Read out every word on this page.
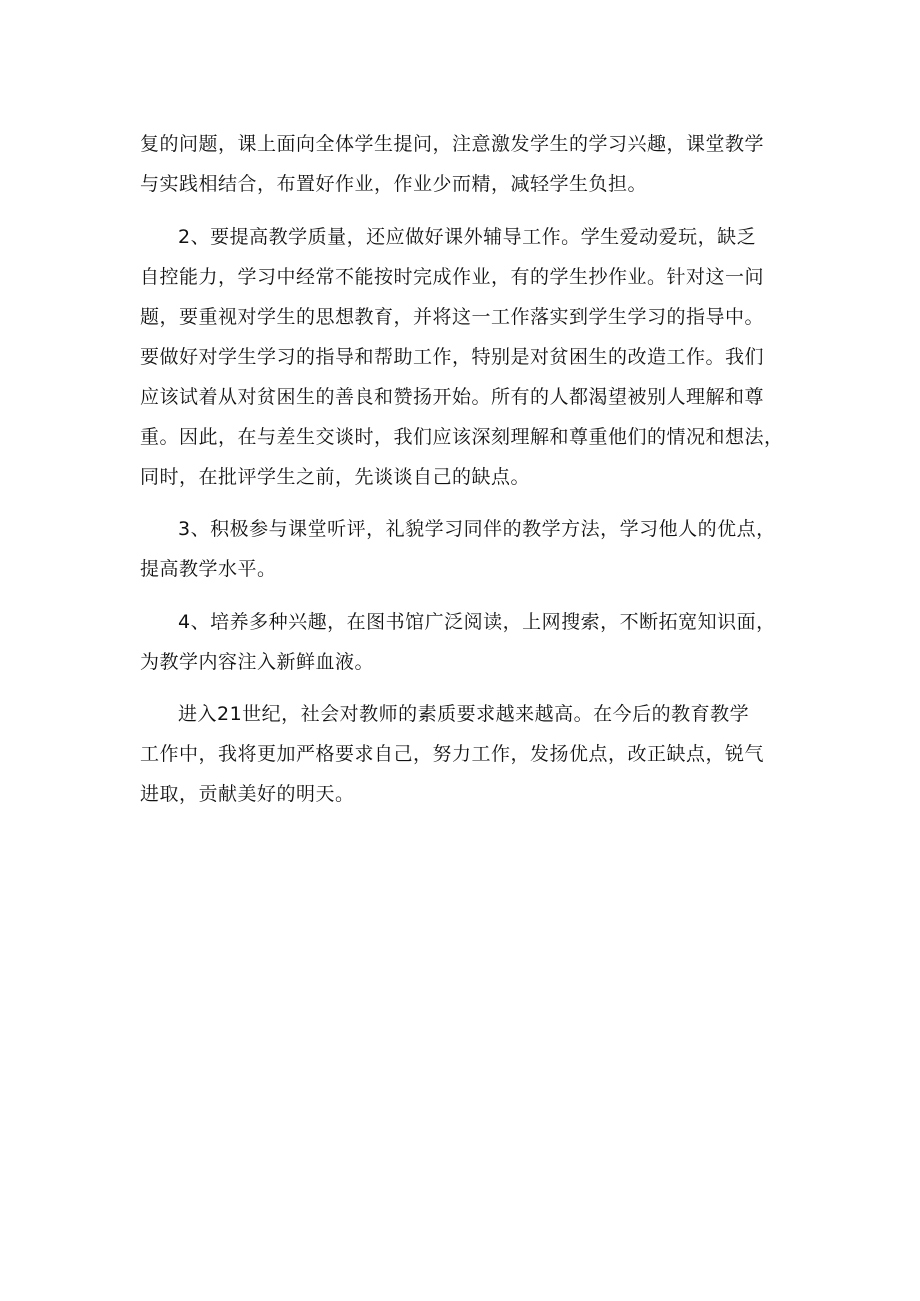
复的问题，课上面向全体学生提问，注意激发学生的学习兴趣，课堂教学
与实践相结合，布置好作业，作业少而精，减轻学生负担。
2、要提高教学质量，还应做好课外辅导工作。学生爱动爱玩，缺乏
自控能力，学习中经常不能按时完成作业，有的学生抄作业。针对这一问
题，要重视对学生的思想教育，并将这一工作落实到学生学习的指导中。
要做好对学生学习的指导和帮助工作，特别是对贫困生的改造工作。我们
应该试着从对贫困生的善良和赞扬开始。所有的人都渴望被别人理解和尊
重。因此，在与差生交谈时，我们应该深刻理解和尊重他们的情况和想法，
同时，在批评学生之前，先谈谈自己的缺点。
3、积极参与课堂听评，礼貌学习同伴的教学方法，学习他人的优点，
提高教学水平。
4、培养多种兴趣，在图书馆广泛阅读，上网搜索，不断拓宽知识面，
为教学内容注入新鲜血液。
进入21世纪，社会对教师的素质要求越来越高。在今后的教育教学
工作中，我将更加严格要求自己，努力工作，发扬优点，改正缺点，锐气
进取，贡献美好的明天。
